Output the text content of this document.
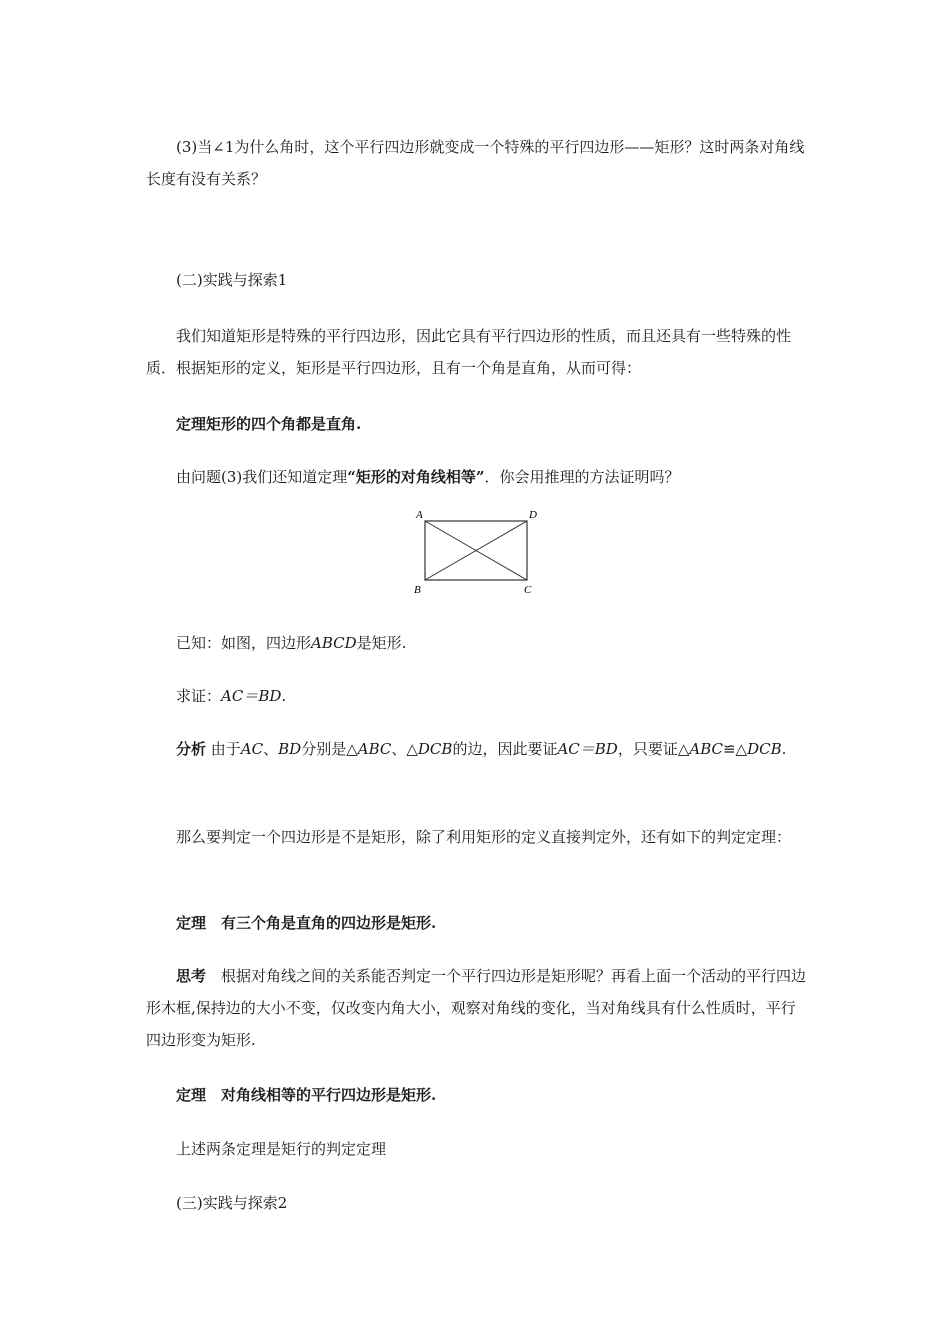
(3)当∠1为什么角时，这个平行四边形就变成一个特殊的平行四边形——矩形？这时两条对角线长度有没有关系？

(二)实践与探索1

我们知道矩形是特殊的平行四边形，因此它具有平行四边形的性质，而且还具有一些特殊的性质．根据矩形的定义，矩形是平行四边形，且有一个角是直角，从而可得：

定理矩形的四个角都是直角.

由问题(3)我们还知道定理“矩形的对角线相等”．你会用推理的方法证明吗？

A	D
B	C

已知：如图，四边形ABCD是矩形.

求证：AC＝BD.

分析 由于AC、BD分别是△ABC、△DCB的边，因此要证AC＝BD，只要证△ABC≌△DCB.

那么要判定一个四边形是不是矩形，除了利用矩形的定义直接判定外，还有如下的判定定理：

定理　有三个角是直角的四边形是矩形.

思考　根据对角线之间的关系能否判定一个平行四边形是矩形呢？再看上面一个活动的平行四边形木框,保持边的大小不变，仅改变内角大小，观察对角线的变化，当对角线具有什么性质时，平行四边形变为矩形.

定理　对角线相等的平行四边形是矩形.

上述两条定理是矩行的判定定理

(三)实践与探索2
